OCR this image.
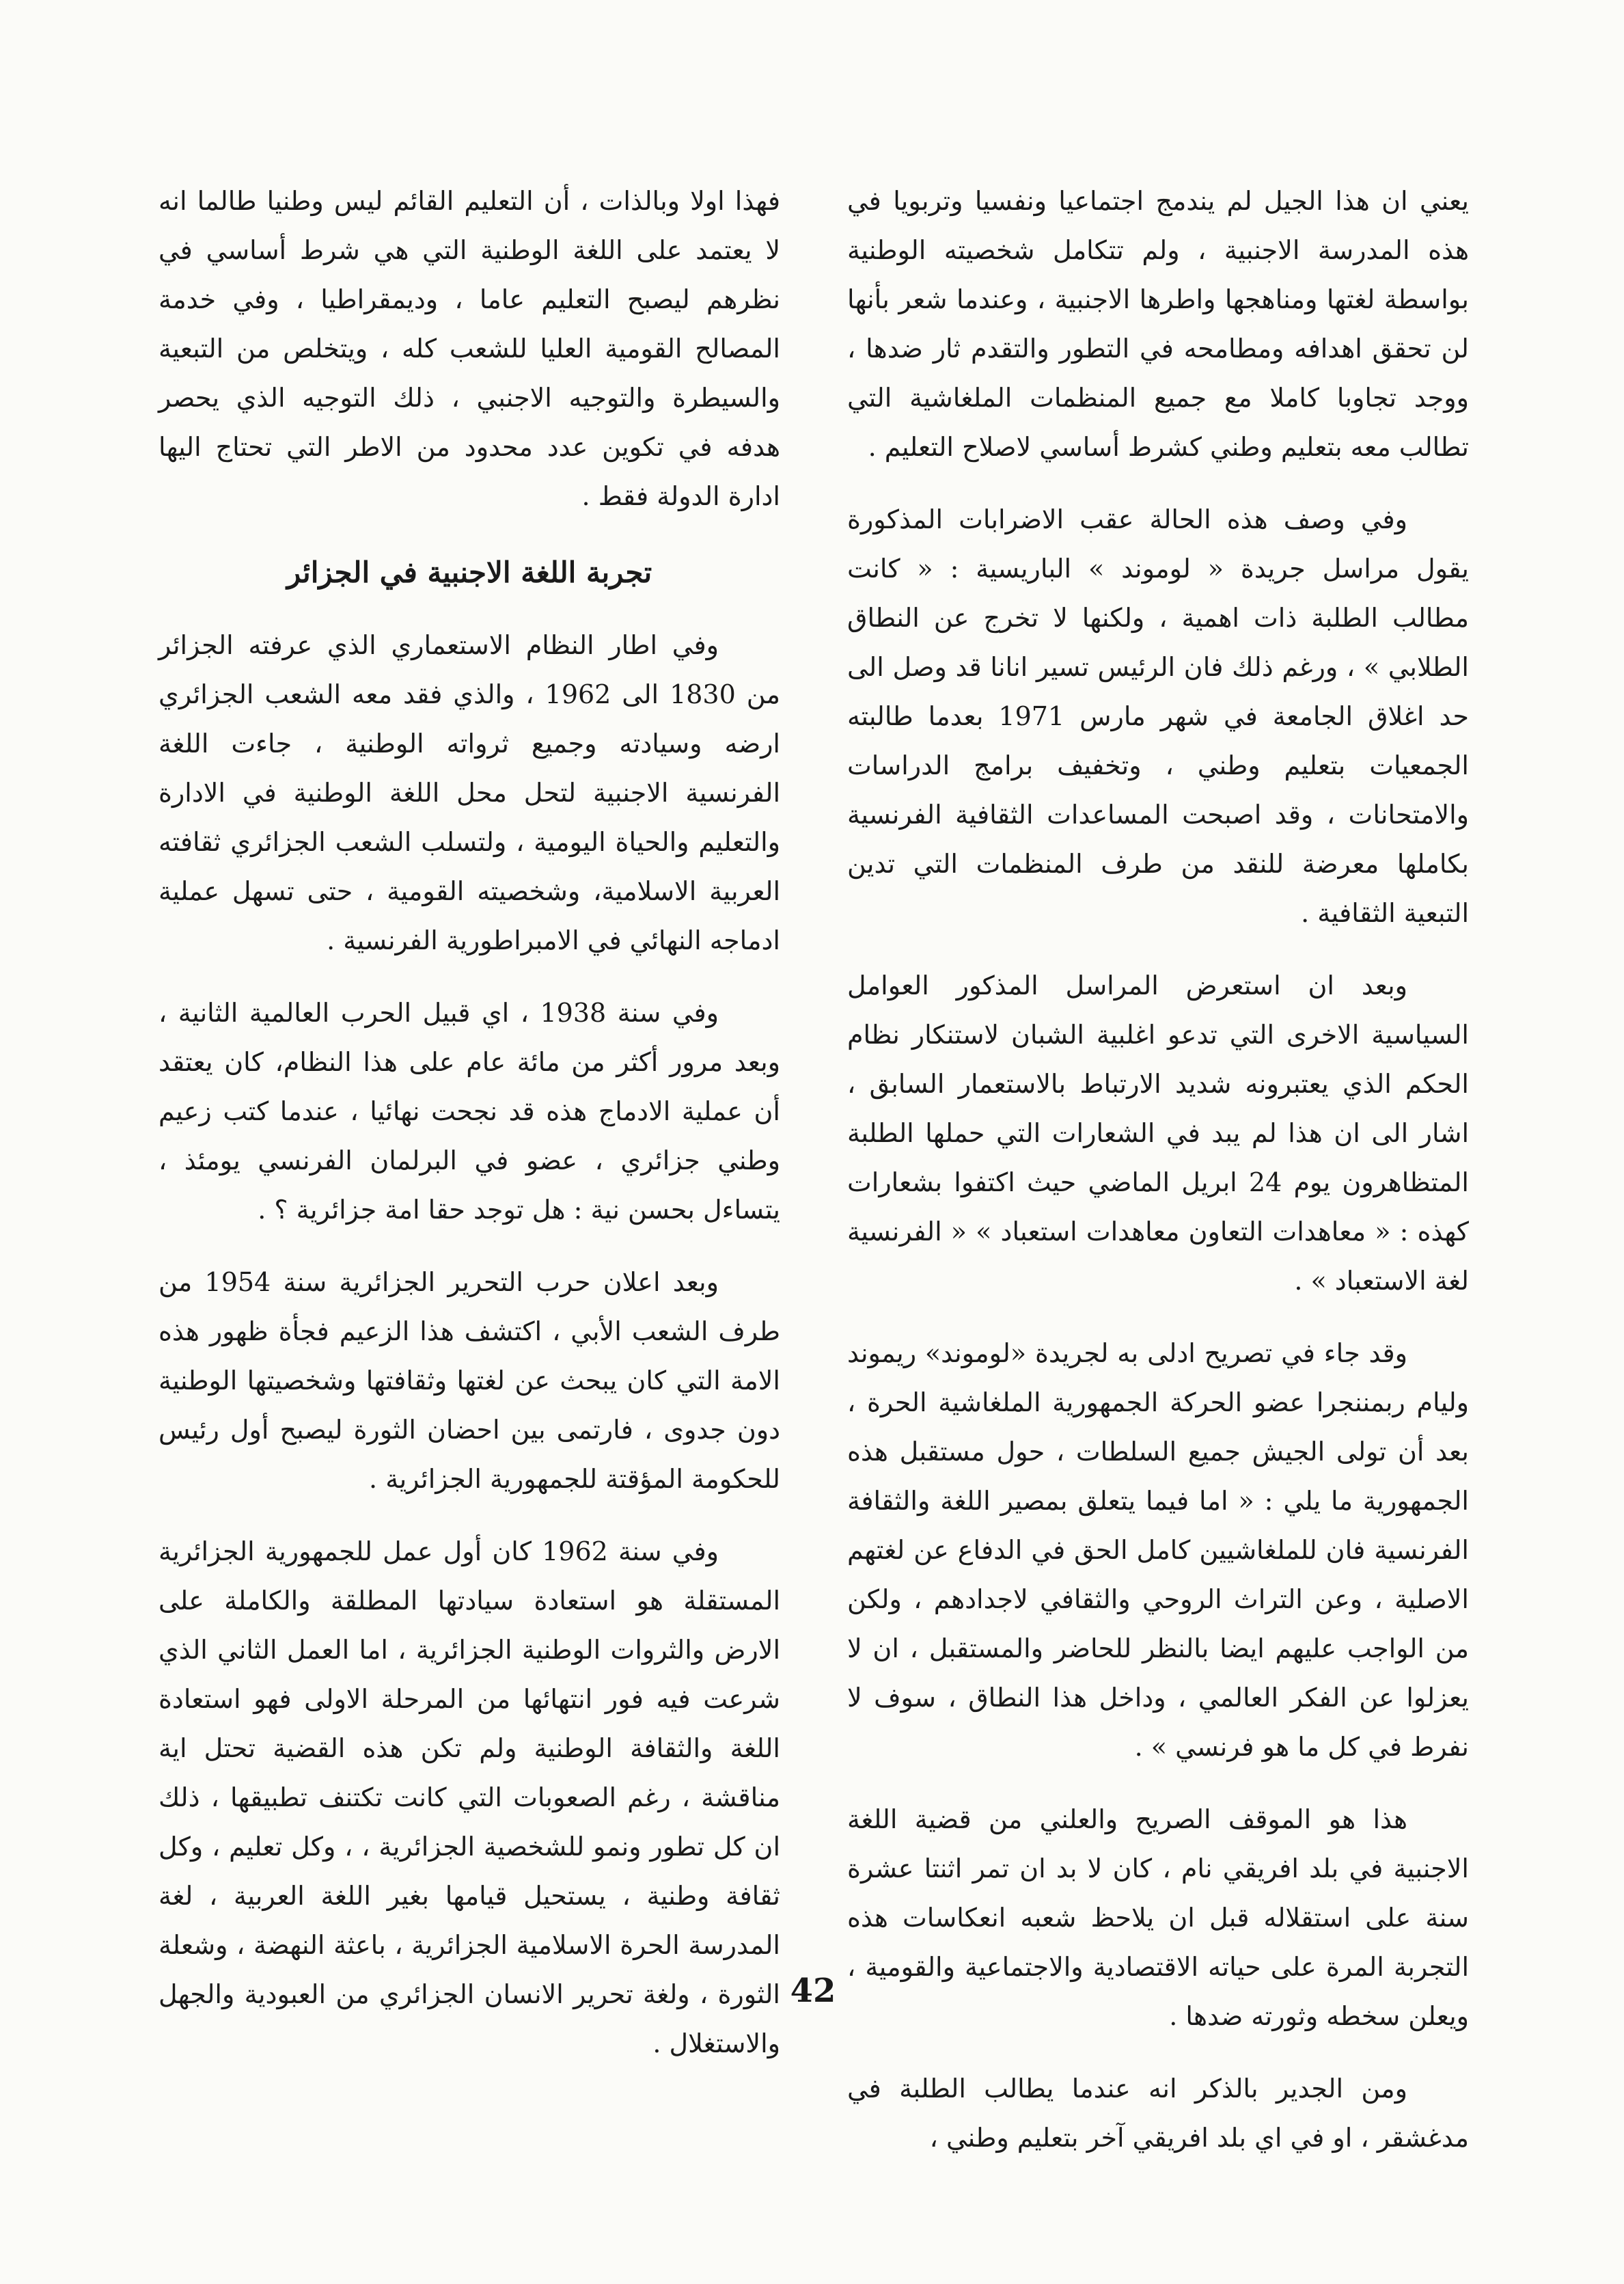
يعني ان هذا الجيل لم يندمج اجتماعيا ونفسيا وتربويا في هذه المدرسة الاجنبية ، ولم تتكامل شخصيته الوطنية بواسطة لغتها ومناهجها واطرها الاجنبية ، وعندما شعر بأنها لن تحقق اهدافه ومطامحه في التطور والتقدم ثار ضدها ، ووجد تجاوبا كاملا مع جميع المنظمات الملغاشية التي تطالب معه بتعليم وطني كشرط أساسي لاصلاح التعليم .

وفي وصف هذه الحالة عقب الاضرابات المذكورة يقول مراسل جريدة « لوموند » الباريسية : « كانت مطالب الطلبة ذات اهمية ، ولكنها لا تخرج عن النطاق الطلابي » ، ورغم ذلك فان الرئيس تسير انانا قد وصل الى حد اغلاق الجامعة في شهر مارس 1971 بعدما طالبته الجمعيات بتعليم وطني ، وتخفيف برامج الدراسات والامتحانات ، وقد اصبحت المساعدات الثقافية الفرنسية بكاملها معرضة للنقد من طرف المنظمات التي تدين التبعية الثقافية .

وبعد ان استعرض المراسل المذكور العوامل السياسية الاخرى التي تدعو اغلبية الشبان لاستنكار نظام الحكم الذي يعتبرونه شديد الارتباط بالاستعمار السابق ، اشار الى ان هذا لم يبد في الشعارات التي حملها الطلبة المتظاهرون يوم 24 ابريل الماضي حيث اكتفوا بشعارات كهذه : « معاهدات التعاون معاهدات استعباد » « الفرنسية لغة الاستعباد » .

وقد جاء في تصريح ادلى به لجريدة «لوموند» ريموند وليام ربمننجرا عضو الحركة الجمهورية الملغاشية الحرة ، بعد أن تولى الجيش جميع السلطات ، حول مستقبل هذه الجمهورية ما يلي : « اما فيما يتعلق بمصير اللغة والثقافة الفرنسية فان للملغاشيين كامل الحق في الدفاع عن لغتهم الاصلية ، وعن التراث الروحي والثقافي لاجدادهم ، ولكن من الواجب عليهم ايضا بالنظر للحاضر والمستقبل ، ان لا يعزلوا عن الفكر العالمي ، وداخل هذا النطاق ، سوف لا نفرط في كل ما هو فرنسي » .

هذا هو الموقف الصريح والعلني من قضية اللغة الاجنبية في بلد افريقي نام ، كان لا بد ان تمر اثنتا عشرة سنة على استقلاله قبل ان يلاحظ شعبه انعكاسات هذه التجربة المرة على حياته الاقتصادية والاجتماعية والقومية ، ويعلن سخطه وثورته ضدها .

ومن الجدير بالذكر انه عندما يطالب الطلبة في مدغشقر ، او في اي بلد افريقي آخر بتعليم وطني ،

فهذا اولا وبالذات ، أن التعليم القائم ليس وطنيا طالما انه لا يعتمد على اللغة الوطنية التي هي شرط أساسي في نظرهم ليصبح التعليم عاما ، وديمقراطيا ، وفي خدمة المصالح القومية العليا للشعب كله ، ويتخلص من التبعية والسيطرة والتوجيه الاجنبي ، ذلك التوجيه الذي يحصر هدفه في تكوين عدد محدود من الاطر التي تحتاج اليها ادارة الدولة فقط .

تجربة اللغة الاجنبية في الجزائر

وفي اطار النظام الاستعماري الذي عرفته الجزائر من 1830 الى 1962 ، والذي فقد معه الشعب الجزائري ارضه وسيادته وجميع ثرواته الوطنية ، جاءت اللغة الفرنسية الاجنبية لتحل محل اللغة الوطنية في الادارة والتعليم والحياة اليومية ، ولتسلب الشعب الجزائري ثقافته العربية الاسلامية، وشخصيته القومية ، حتى تسهل عملية ادماجه النهائي في الامبراطورية الفرنسية .

وفي سنة 1938 ، اي قبيل الحرب العالمية الثانية ، وبعد مرور أكثر من مائة عام على هذا النظام، كان يعتقد أن عملية الادماج هذه قد نجحت نهائيا ، عندما كتب زعيم وطني جزائري ، عضو في البرلمان الفرنسي يومئذ ، يتساءل بحسن نية : هل توجد حقا امة جزائرية ؟ .

وبعد اعلان حرب التحرير الجزائرية سنة 1954 من طرف الشعب الأبي ، اكتشف هذا الزعيم فجأة ظهور هذه الامة التي كان يبحث عن لغتها وثقافتها وشخصيتها الوطنية دون جدوى ، فارتمى بين احضان الثورة ليصبح أول رئيس للحكومة المؤقتة للجمهورية الجزائرية .

وفي سنة 1962 كان أول عمل للجمهورية الجزائرية المستقلة هو استعادة سيادتها المطلقة والكاملة على الارض والثروات الوطنية الجزائرية ، اما العمل الثاني الذي شرعت فيه فور انتهائها من المرحلة الاولى فهو استعادة اللغة والثقافة الوطنية ولم تكن هذه القضية تحتل اية مناقشة ، رغم الصعوبات التي كانت تكتنف تطبيقها ، ذلك ان كل تطور ونمو للشخصية الجزائرية ، ، وكل تعليم ، وكل ثقافة وطنية ، يستحيل قيامها بغير اللغة العربية ، لغة المدرسة الحرة الاسلامية الجزائرية ، باعثة النهضة ، وشعلة الثورة ، ولغة تحرير الانسان الجزائري من العبودية والجهل والاستغلال .

42
